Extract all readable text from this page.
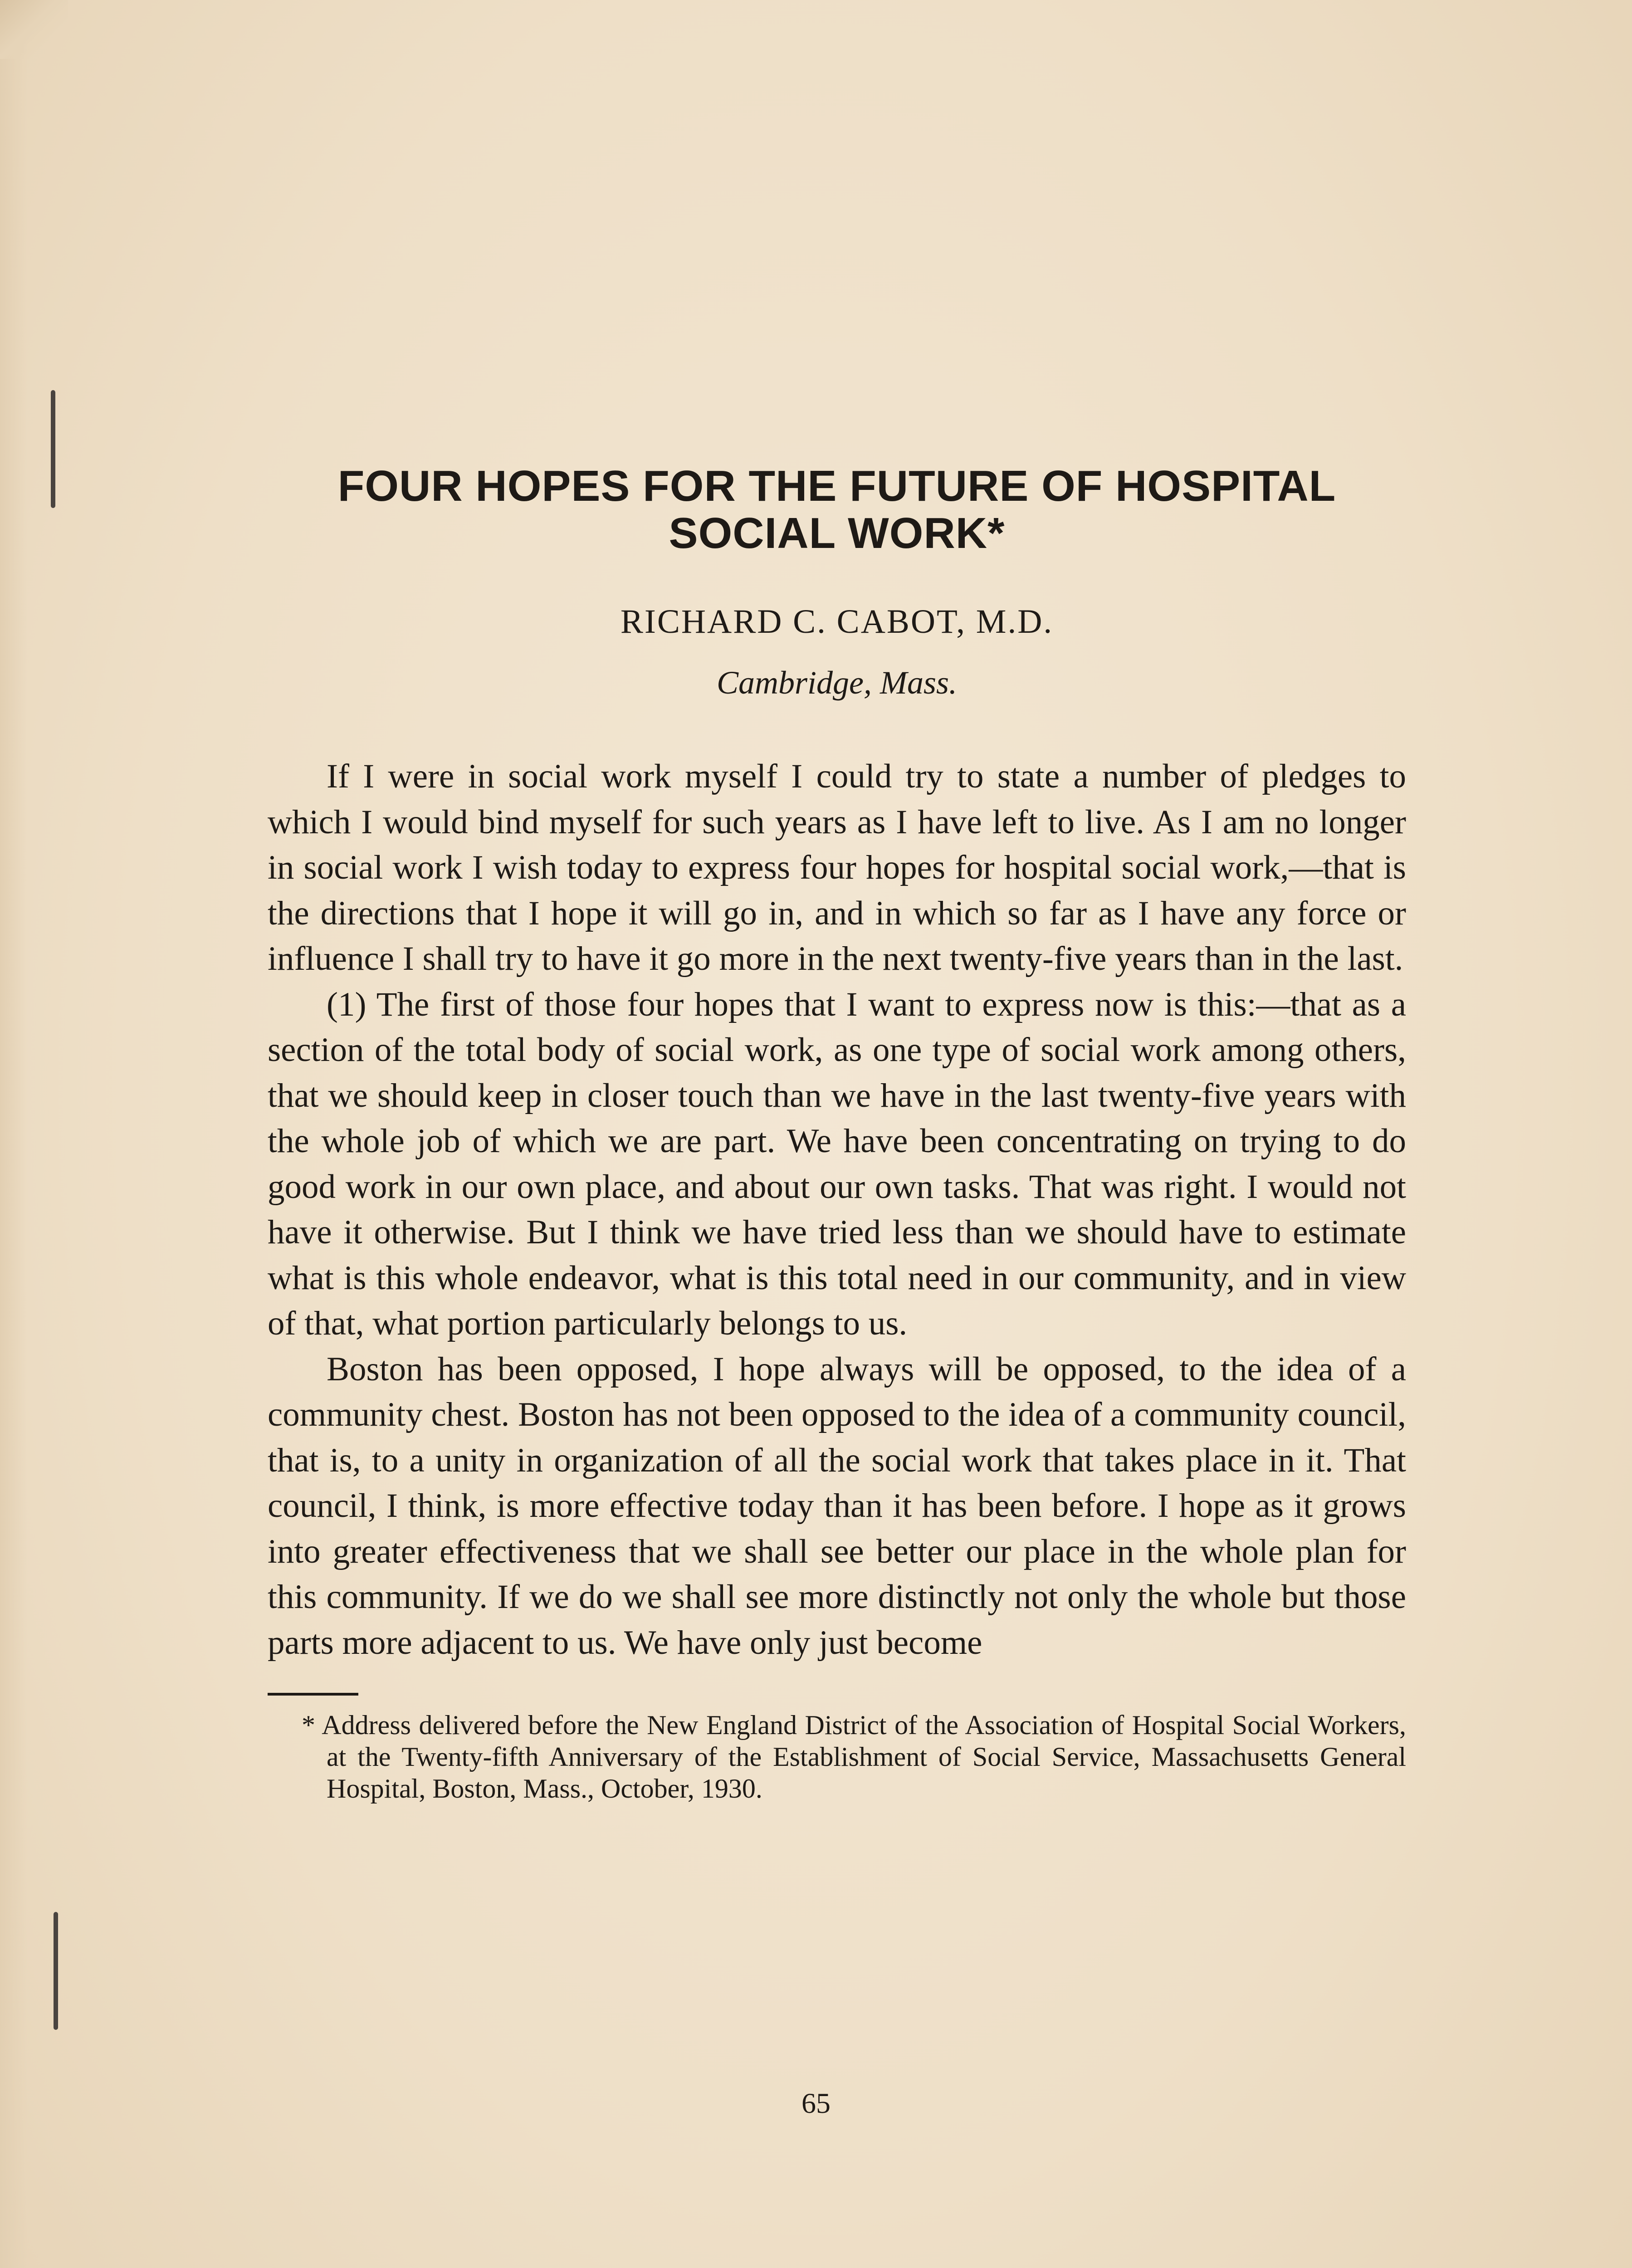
FOUR HOPES FOR THE FUTURE OF HOSPITAL SOCIAL WORK*
RICHARD C. CABOT, M.D.
Cambridge, Mass.

If I were in social work myself I could try to state a number of pledges to which I would bind myself for such years as I have left to live. As I am no longer in social work I wish today to express four hopes for hospital social work,—that is the directions that I hope it will go in, and in which so far as I have any force or influence I shall try to have it go more in the next twenty-five years than in the last.

(1) The first of those four hopes that I want to express now is this:—that as a section of the total body of social work, as one type of social work among others, that we should keep in closer touch than we have in the last twenty-five years with the whole job of which we are part. We have been concentrating on trying to do good work in our own place, and about our own tasks. That was right. I would not have it otherwise. But I think we have tried less than we should have to estimate what is this whole endeavor, what is this total need in our community, and in view of that, what portion particularly belongs to us.

Boston has been opposed, I hope always will be opposed, to the idea of a community chest. Boston has not been opposed to the idea of a community council, that is, to a unity in organization of all the social work that takes place in it. That council, I think, is more effective today than it has been before. I hope as it grows into greater effectiveness that we shall see better our place in the whole plan for this community. If we do we shall see more distinctly not only the whole but those parts more adjacent to us. We have only just become

* Address delivered before the New England District of the Association of Hospital Social Workers, at the Twenty-fifth Anniversary of the Establishment of Social Service, Massachusetts General Hospital, Boston, Mass., October, 1930.
65
